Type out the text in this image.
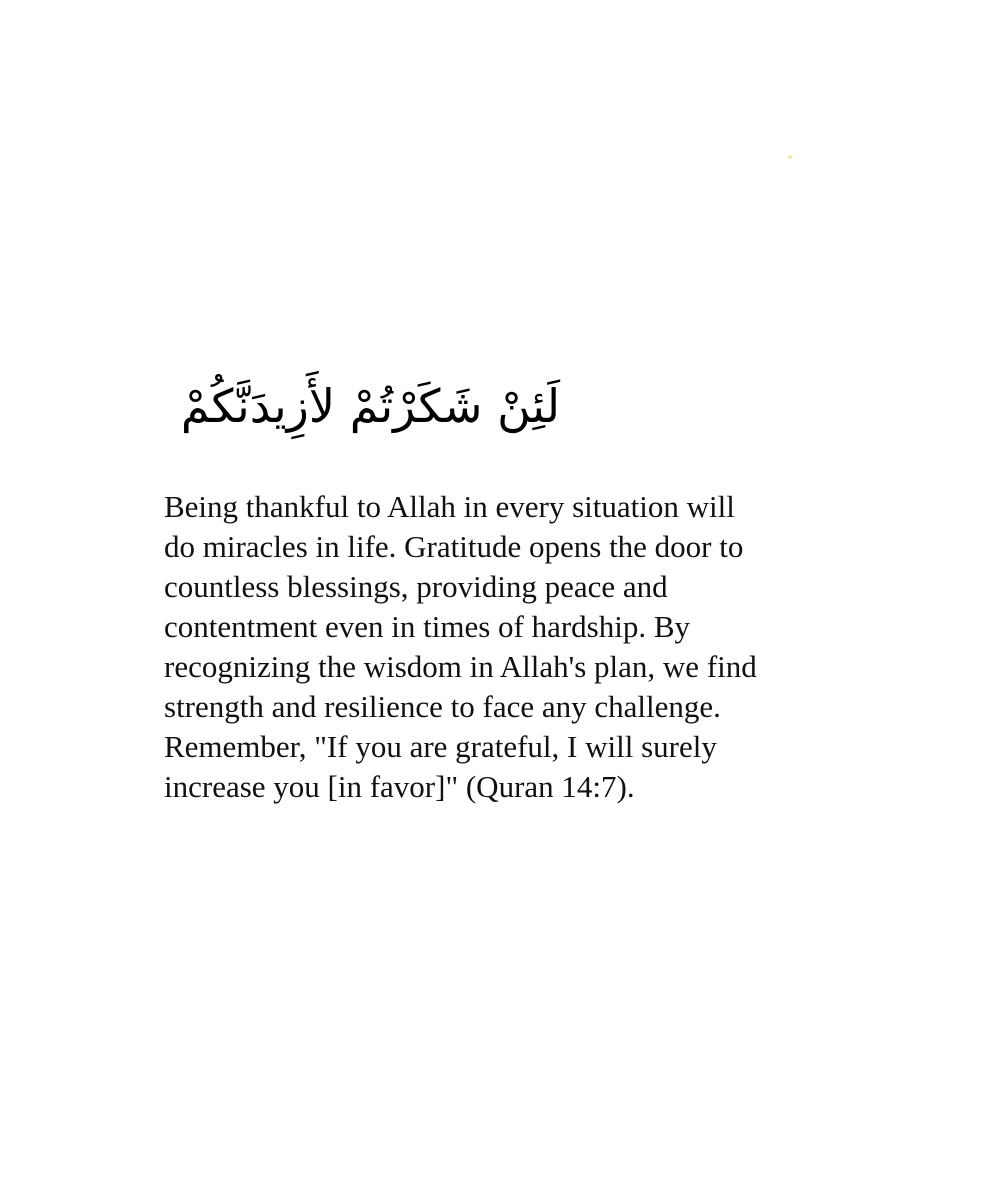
لَئِنْ شَكَرْتُمْ لأَزِيدَنَّكُمْ
Being thankful to Allah in every situation will
do miracles in life. Gratitude opens the door to
countless blessings, providing peace and
contentment even in times of hardship. By
recognizing the wisdom in Allah's plan, we find
strength and resilience to face any challenge.
Remember, "If you are grateful, I will surely
increase you [in favor]" (Quran 14:7).
